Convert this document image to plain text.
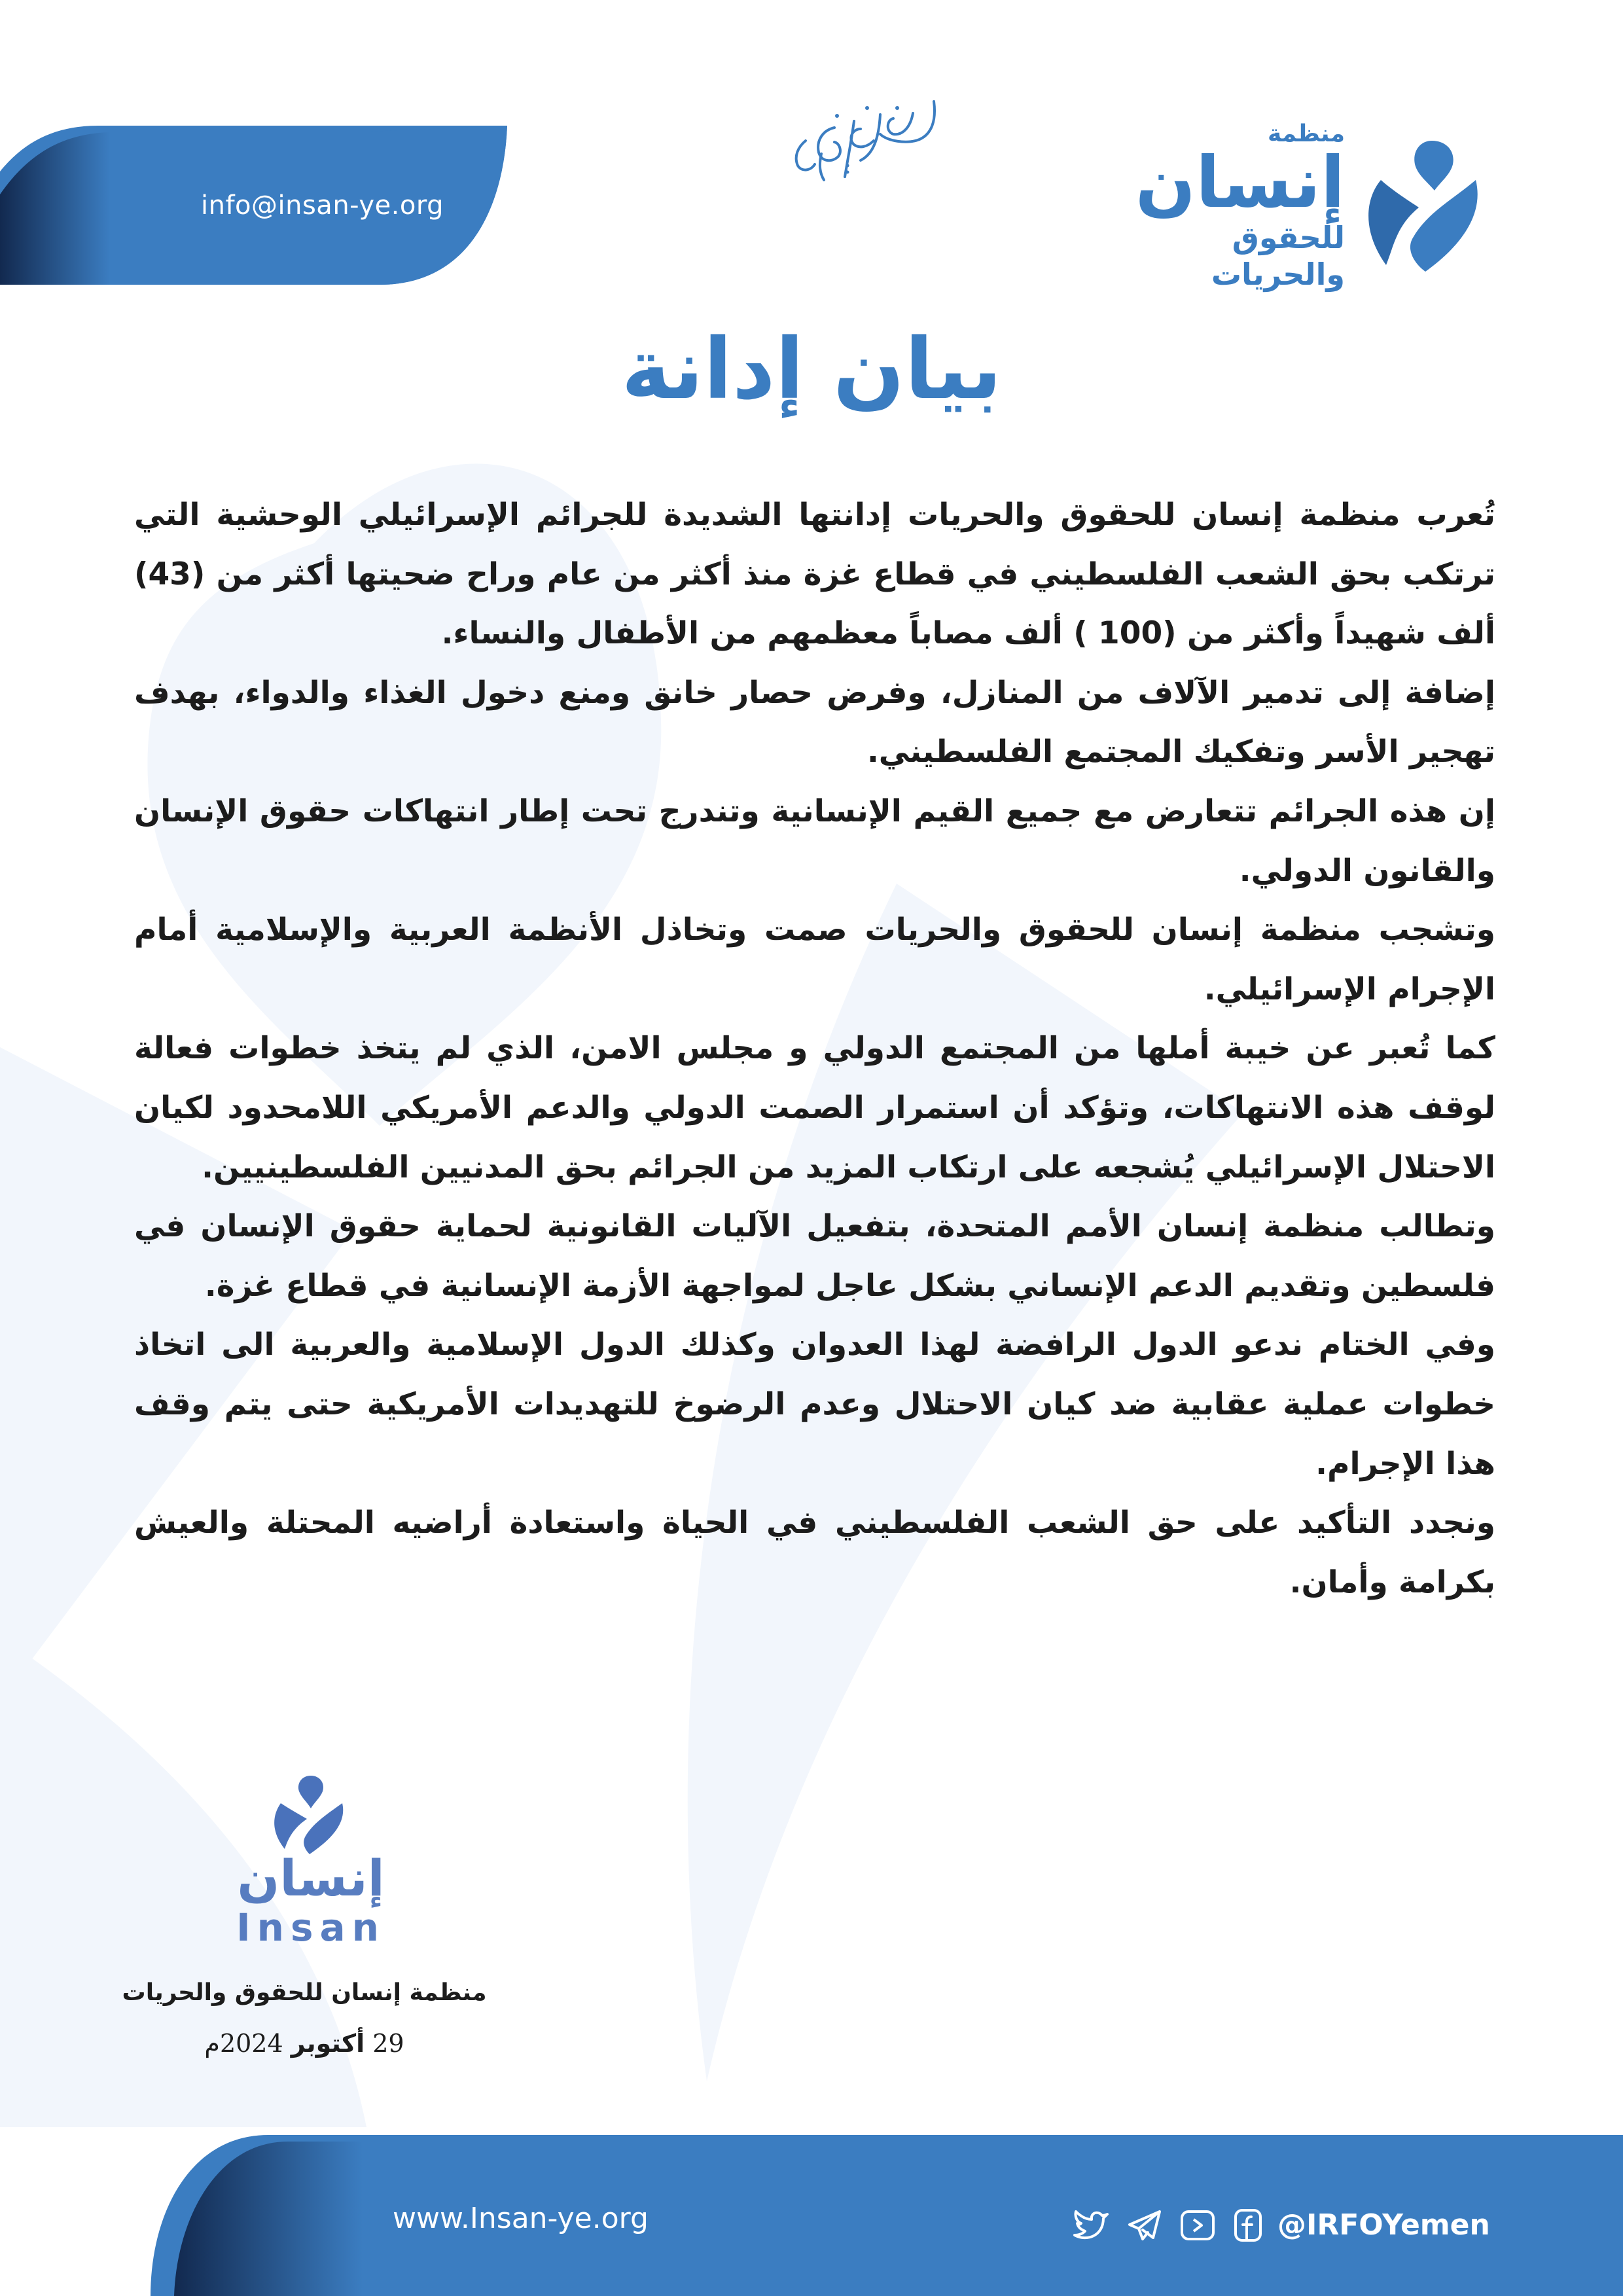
info@insan-ye.org
منظمة
إنسان
للحقوق والحريات
بيان إدانة

تُعرب منظمة إنسان للحقوق والحريات إدانتها الشديدة للجرائم الإسرائيلي الوحشية التي ترتكب بحق الشعب الفلسطيني في قطاع غزة منذ أكثر من عام وراح ضحيتها أكثر من (43) ألف شهيداً وأكثر من (100 ) ألف مصاباً معظمهم من الأطفال والنساء.

إضافة إلى تدمير الآلاف من المنازل، وفرض حصار خانق ومنع دخول الغذاء والدواء، بهدف تهجير الأسر وتفكيك المجتمع الفلسطيني.

إن هذه الجرائم تتعارض مع جميع القيم الإنسانية وتندرج تحت إطار انتهاكات حقوق الإنسان والقانون الدولي.

وتشجب منظمة إنسان للحقوق والحريات صمت وتخاذل الأنظمة العربية والإسلامية أمام الإجرام الإسرائيلي.

كما تُعبر عن خيبة أملها من المجتمع الدولي و مجلس الامن، الذي لم يتخذ خطوات فعالة لوقف هذه الانتهاكات، وتؤكد أن استمرار الصمت الدولي والدعم الأمريكي اللامحدود لكيان الاحتلال الإسرائيلي يُشجعه على ارتكاب المزيد من الجرائم بحق المدنيين الفلسطينيين.

وتطالب منظمة إنسان الأمم المتحدة، بتفعيل الآليات القانونية لحماية حقوق الإنسان في فلسطين وتقديم الدعم الإنساني بشكل عاجل لمواجهة الأزمة الإنسانية في قطاع غزة.

وفي الختام ندعو الدول الرافضة لهذا العدوان وكذلك الدول الإسلامية والعربية الى اتخاذ خطوات عملية عقابية ضد كيان الاحتلال وعدم الرضوخ للتهديدات الأمريكية حتى يتم وقف هذا الإجرام.

ونجدد التأكيد على حق الشعب الفلسطيني في الحياة واستعادة أراضيه المحتلة والعيش بكرامة وأمان.

إنسان
Insan
منظمة إنسان للحقوق والحريات
29 أكتوبر 2024م
www.Insan-ye.org	@IRFOYemen
